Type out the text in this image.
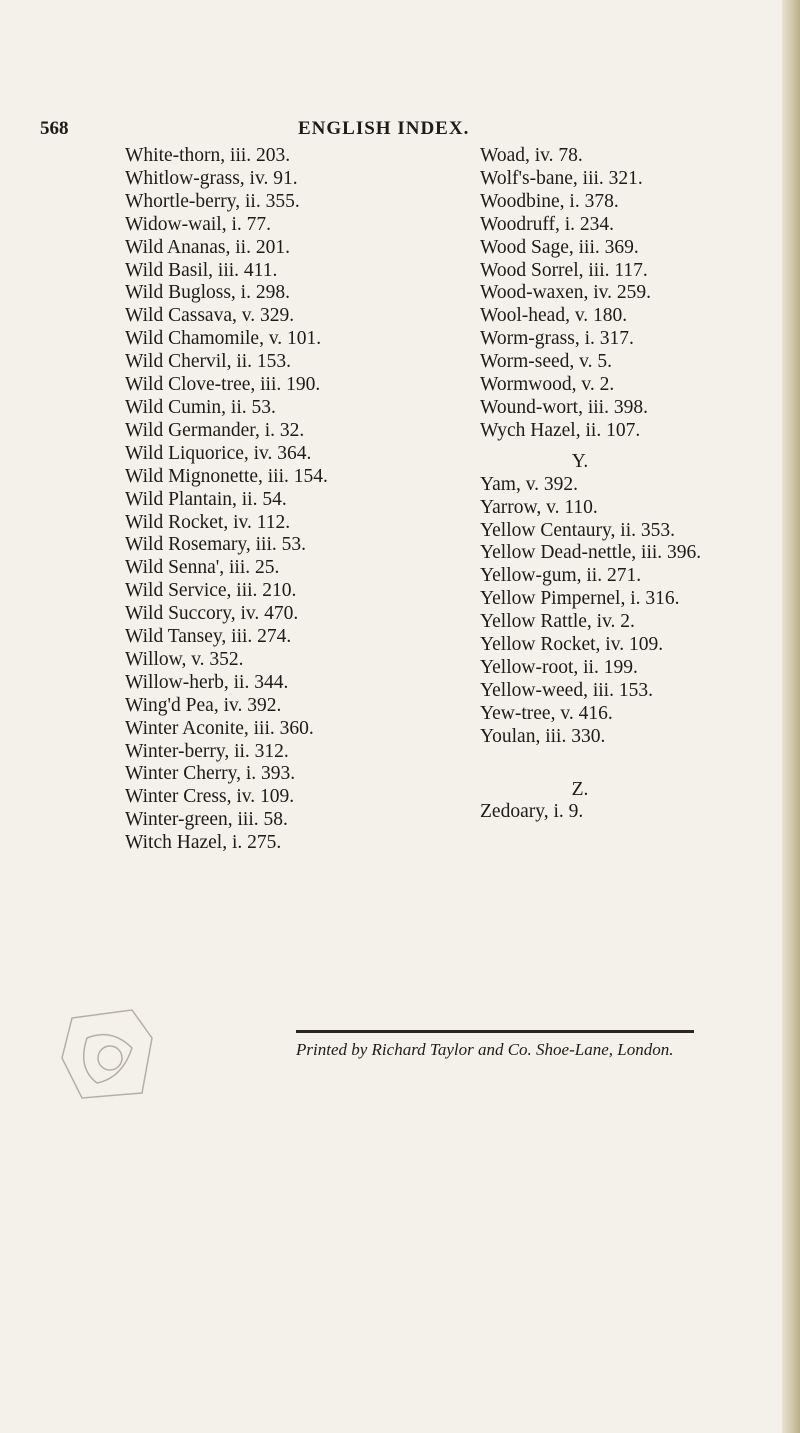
568	ENGLISH INDEX.
White-thorn, iii. 203.
Whitlow-grass, iv. 91.
Whortle-berry, ii. 355.
Widow-wail, i. 77.
Wild Ananas, ii. 201.
Wild Basil, iii. 411.
Wild Bugloss, i. 298.
Wild Cassava, v. 329.
Wild Chamomile, v. 101.
Wild Chervil, ii. 153.
Wild Clove-tree, iii. 190.
Wild Cumin, ii. 53.
Wild Germander, i. 32.
Wild Liquorice, iv. 364.
Wild Mignonette, iii. 154.
Wild Plantain, ii. 54.
Wild Rocket, iv. 112.
Wild Rosemary, iii. 53.
Wild Senna', iii. 25.
Wild Service, iii. 210.
Wild Succory, iv. 470.
Wild Tansey, iii. 274.
Willow, v. 352.
Willow-herb, ii. 344.
Wing'd Pea, iv. 392.
Winter Aconite, iii. 360.
Winter-berry, ii. 312.
Winter Cherry, i. 393.
Winter Cress, iv. 109.
Winter-green, iii. 58.
Witch Hazel, i. 275.
Woad, iv. 78.
Wolf's-bane, iii. 321.
Woodbine, i. 378.
Woodruff, i. 234.
Wood Sage, iii. 369.
Wood Sorrel, iii. 117.
Wood-waxen, iv. 259.
Wool-head, v. 180.
Worm-grass, i. 317.
Worm-seed, v. 5.
Wormwood, v. 2.
Wound-wort, iii. 398.
Wych Hazel, ii. 107.
Y.
Yam, v. 392.
Yarrow, v. 110.
Yellow Centaury, ii. 353.
Yellow Dead-nettle, iii. 396.
Yellow-gum, ii. 271.
Yellow Pimpernel, i. 316.
Yellow Rattle, iv. 2.
Yellow Rocket, iv. 109.
Yellow-root, ii. 199.
Yellow-weed, iii. 153.
Yew-tree, v. 416.
Youlan, iii. 330.
Z.
Zedoary, i. 9.
Printed by Richard Taylor and Co. Shoe-Lane, London.
